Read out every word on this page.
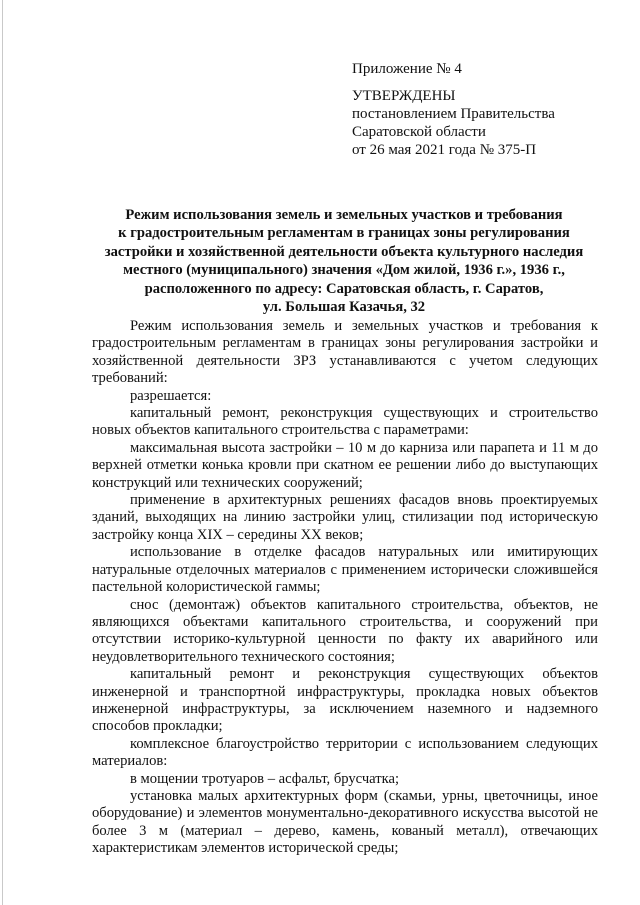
Приложение № 4
УТВЕРЖДЕНЫ
постановлением Правительства
Саратовской области
от 26 мая 2021 года № 375-П
Режим использования земель и земельных участков и требования
к градостроительным регламентам в границах зоны регулирования
застройки и хозяйственной деятельности объекта культурного наследия
местного (муниципального) значения «Дом жилой, 1936 г.», 1936 г.,
расположенного по адресу: Саратовская область, г. Саратов,
ул. Большая Казачья, 32

Режим использования земель и земельных участков и требования к градостроительным регламентам в границах зоны регулирования застройки и хозяйственной деятельности ЗРЗ устанавливаются с учетом следующих требований:

разрешается:

капитальный ремонт, реконструкция существующих и строительство новых объектов капитального строительства с параметрами:

максимальная высота застройки – 10 м до карниза или парапета и 11 м до верхней отметки конька кровли при скатном ее решении либо до выступающих конструкций или технических сооружений;

применение в архитектурных решениях фасадов вновь проектируемых зданий, выходящих на линию застройки улиц, стилизации под историческую застройку конца XIX – середины XX веков;

использование в отделке фасадов натуральных или имитирующих натуральные отделочных материалов с применением исторически сложившейся пастельной колористической гаммы;

снос (демонтаж) объектов капитального строительства, объектов, не являющихся объектами капитального строительства, и сооружений при отсутствии историко-культурной ценности по факту их аварийного или неудовлетворительного технического состояния;

капитальный ремонт и реконструкция существующих объектов инженерной и транспортной инфраструктуры, прокладка новых объектов инженерной инфраструктуры, за исключением наземного и надземного способов прокладки;

комплексное благоустройство территории с использованием следующих материалов:

в мощении тротуаров – асфальт, брусчатка;

установка малых архитектурных форм (скамьи, урны, цветочницы, иное оборудование) и элементов монументально-декоративного искусства высотой не более 3 м (материал – дерево, камень, кованый металл), отвечающих характеристикам элементов исторической среды;
